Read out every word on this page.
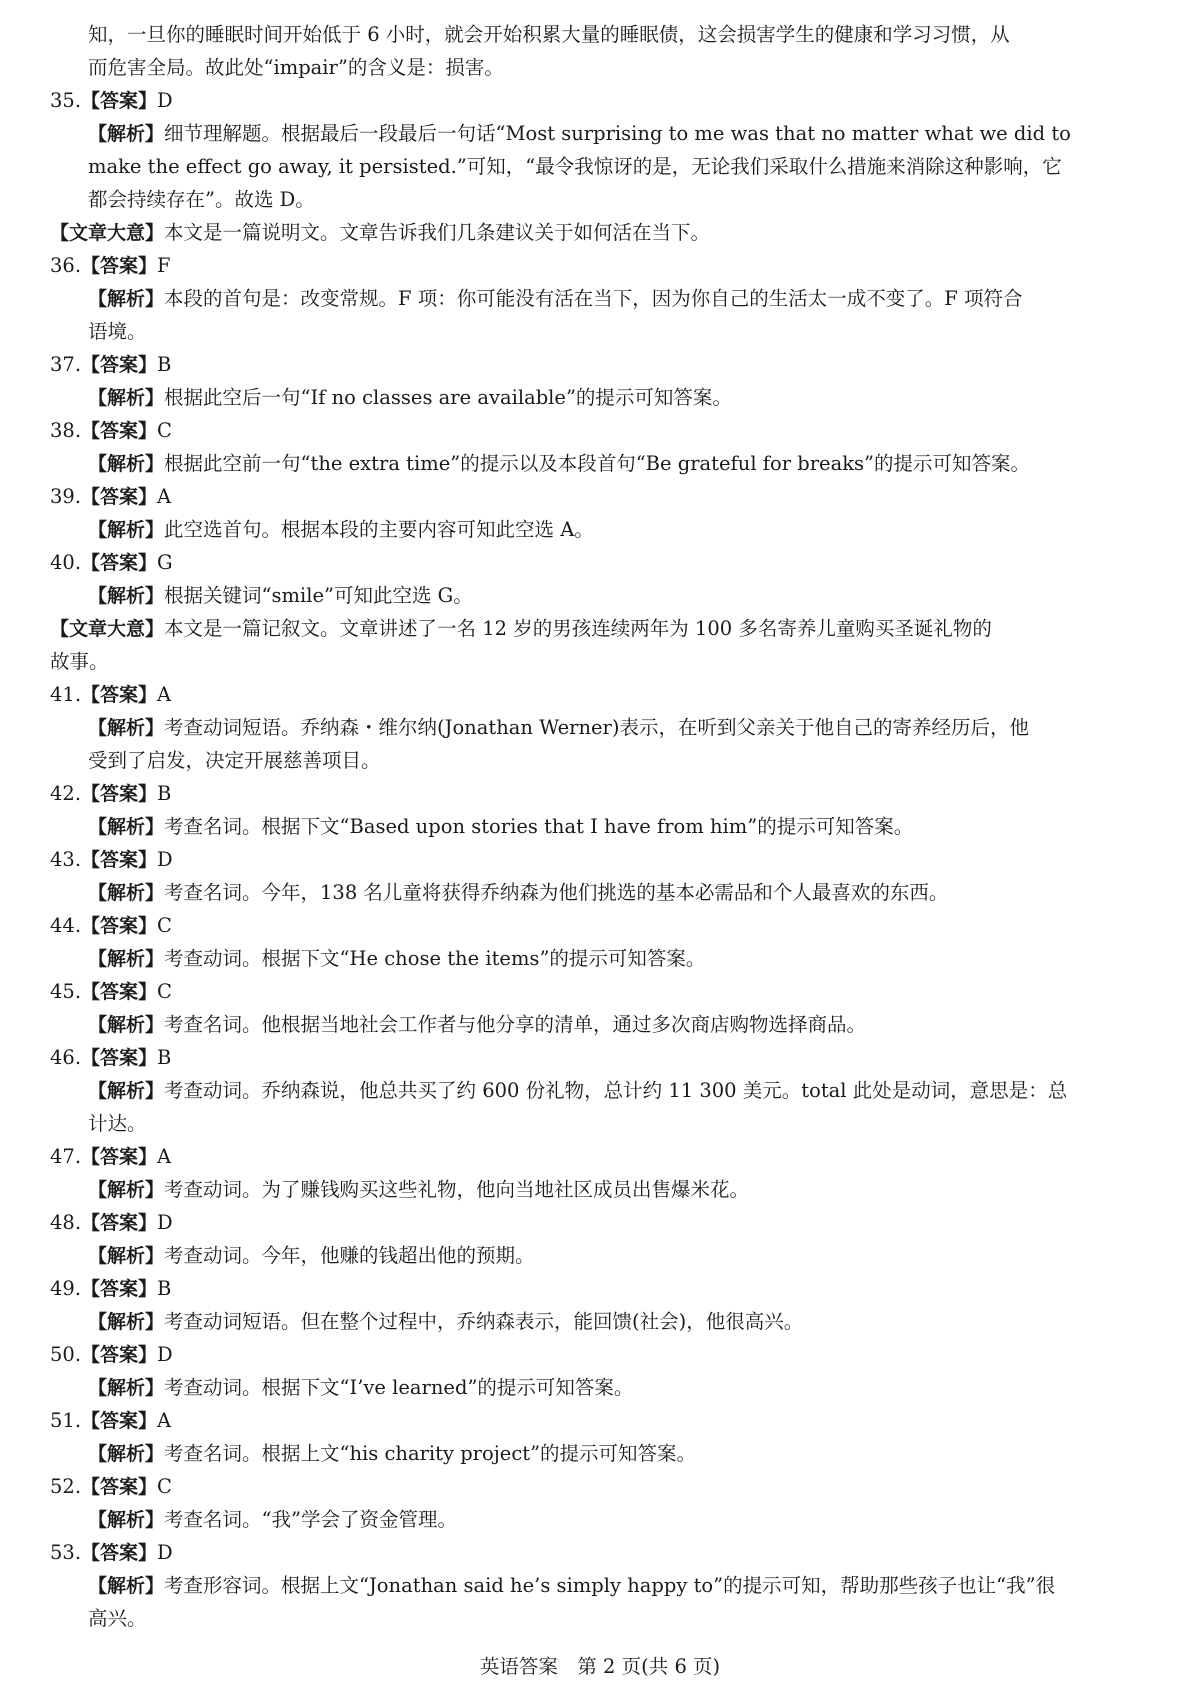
知，一旦你的睡眠时间开始低于 6 小时，就会开始积累大量的睡眠债，这会损害学生的健康和学习习惯，从
而危害全局。故此处“impair”的含义是：损害。
35.【答案】D
【解析】细节理解题。根据最后一段最后一句话“Most surprising to me was that no matter what we did to
make the effect go away, it persisted.”可知，“最令我惊讶的是，无论我们采取什么措施来消除这种影响，它
都会持续存在”。故选 D。
【文章大意】本文是一篇说明文。文章告诉我们几条建议关于如何活在当下。
36.【答案】F
【解析】本段的首句是：改变常规。F 项：你可能没有活在当下，因为你自己的生活太一成不变了。F 项符合
语境。
37.【答案】B
【解析】根据此空后一句“If no classes are available”的提示可知答案。
38.【答案】C
【解析】根据此空前一句“the extra time”的提示以及本段首句“Be grateful for breaks”的提示可知答案。
39.【答案】A
【解析】此空选首句。根据本段的主要内容可知此空选 A。
40.【答案】G
【解析】根据关键词“smile”可知此空选 G。
【文章大意】本文是一篇记叙文。文章讲述了一名 12 岁的男孩连续两年为 100 多名寄养儿童购买圣诞礼物的
故事。
41.【答案】A
【解析】考查动词短语。乔纳森・维尔纳(Jonathan Werner)表示，在听到父亲关于他自己的寄养经历后，他
受到了启发，决定开展慈善项目。
42.【答案】B
【解析】考查名词。根据下文“Based upon stories that I have from him”的提示可知答案。
43.【答案】D
【解析】考查名词。今年，138 名儿童将获得乔纳森为他们挑选的基本必需品和个人最喜欢的东西。
44.【答案】C
【解析】考查动词。根据下文“He chose the items”的提示可知答案。
45.【答案】C
【解析】考查名词。他根据当地社会工作者与他分享的清单，通过多次商店购物选择商品。
46.【答案】B
【解析】考查动词。乔纳森说，他总共买了约 600 份礼物，总计约 11 300 美元。total 此处是动词，意思是：总
计达。
47.【答案】A
【解析】考查动词。为了赚钱购买这些礼物，他向当地社区成员出售爆米花。
48.【答案】D
【解析】考查动词。今年，他赚的钱超出他的预期。
49.【答案】B
【解析】考查动词短语。但在整个过程中，乔纳森表示，能回馈(社会)，他很高兴。
50.【答案】D
【解析】考查动词。根据下文“I’ve learned”的提示可知答案。
51.【答案】A
【解析】考查名词。根据上文“his charity project”的提示可知答案。
52.【答案】C
【解析】考查名词。“我”学会了资金管理。
53.【答案】D
【解析】考查形容词。根据上文“Jonathan said he’s simply happy to”的提示可知，帮助那些孩子也让“我”很
高兴。
英语答案　第 2 页(共 6 页)
